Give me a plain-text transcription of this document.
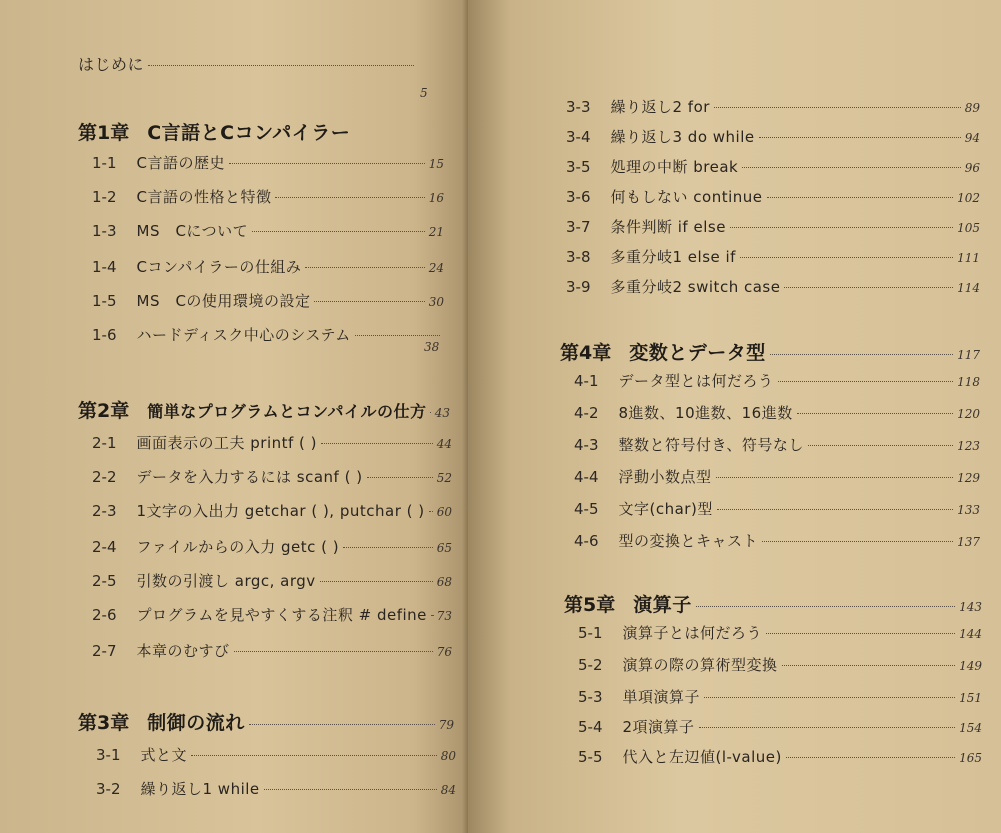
はじめに
5
第1章 C言語とCコンパイラー
1-1 C言語の歴史	15
1-2 C言語の性格と特徴	16
1-3 MS　Cについて	21
1-4 Cコンパイラーの仕組み	24
1-5 MS　Cの使用環境の設定	30
1-6 ハードディスク中心のシステム
38
第2章 簡単なプログラムとコンパイルの仕方 43
2-1 画面表示の工夫 printf ( )	44
2-2 データを入力するには scanf ( )	52
2-3 1文字の入出力 getchar ( ), putchar ( ) 60
2-4 ファイルからの入力 getc ( )	65
2-5 引数の引渡し argc, argv	68
2-6 プログラムを見やすくする注釈 # define 73
2-7 本章のむすび	76
第3章 制御の流れ	79
3-1 式と文	80
3-2 繰り返し1 while	84
3-3 繰り返し2 for	89
3-4 繰り返し3 do while	94
3-5 処理の中断 break	96
3-6 何もしない continue	102
3-7 条件判断 if else	105
3-8 多重分岐1 else if	111
3-9 多重分岐2 switch case	114
第4章 変数とデータ型	117
4-1 データ型とは何だろう	118
4-2 8進数、10進数、16進数	120
4-3 整数と符号付き、符号なし	123
4-4 浮動小数点型	129
4-5 文字(char)型	133
4-6 型の変換とキャスト	137
第5章 演算子	143
5-1 演算子とは何だろう	144
5-2 演算の際の算術型変換	149
5-3 単項演算子	151
5-4 2項演算子	154
5-5 代入と左辺値(l-value)	165
